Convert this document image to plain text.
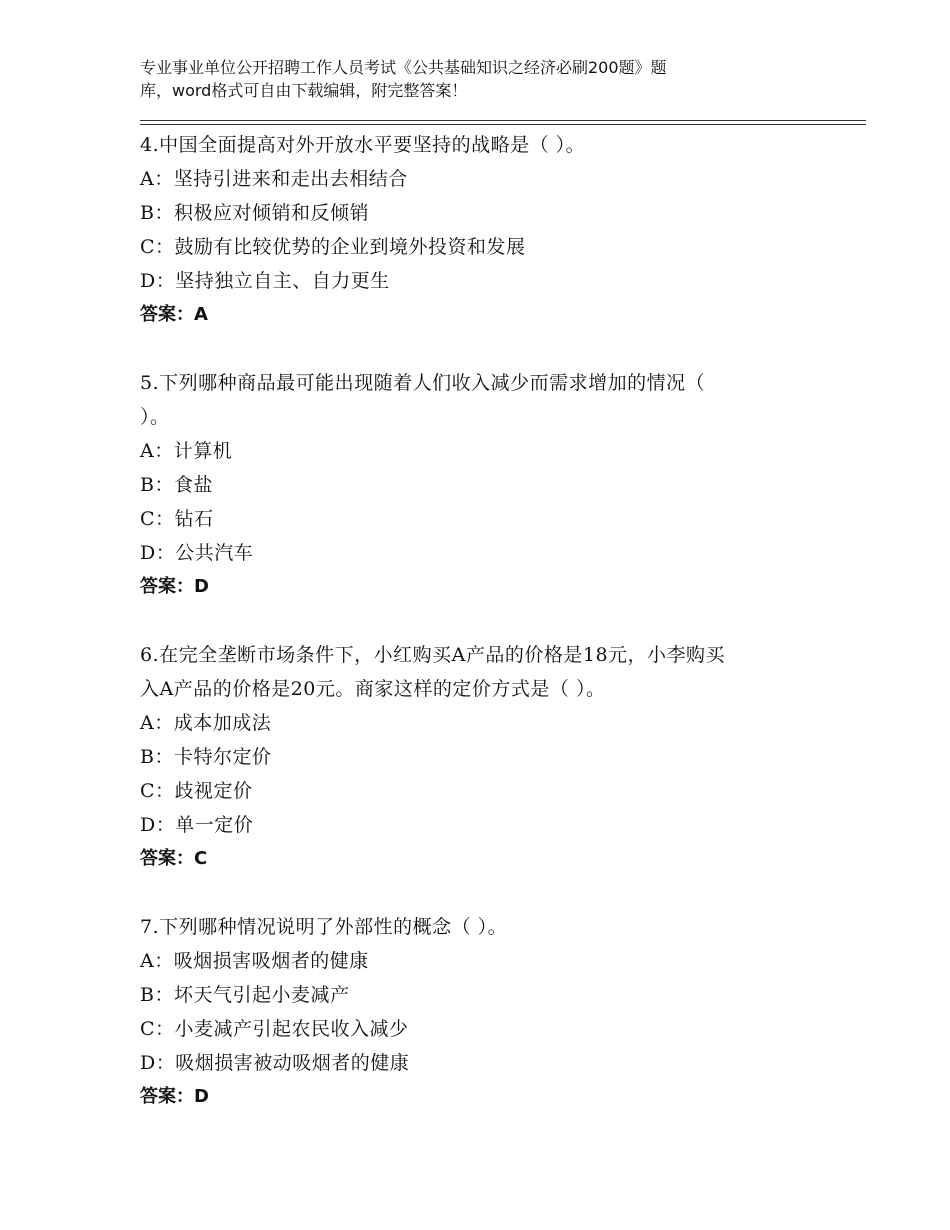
专业事业单位公开招聘工作人员考试《公共基础知识之经济必刷200题》题
库，word格式可自由下载编辑，附完整答案！
4.中国全面提高对外开放水平要坚持的战略是（ ）。
A：坚持引进来和走出去相结合
B：积极应对倾销和反倾销
C：鼓励有比较优势的企业到境外投资和发展
D：坚持独立自主、自力更生
答案：A
5.下列哪种商品最可能出现随着人们收入减少而需求增加的情况（
）。
A：计算机
B：食盐
C：钻石
D：公共汽车
答案：D
6.在完全垄断市场条件下，小红购买A产品的价格是18元，小李购买
入A产品的价格是20元。商家这样的定价方式是（ ）。
A：成本加成法
B：卡特尔定价
C：歧视定价
D：单一定价
答案：C
7.下列哪种情况说明了外部性的概念（ ）。
A：吸烟损害吸烟者的健康
B：坏天气引起小麦减产
C：小麦减产引起农民收入减少
D：吸烟损害被动吸烟者的健康
答案：D
